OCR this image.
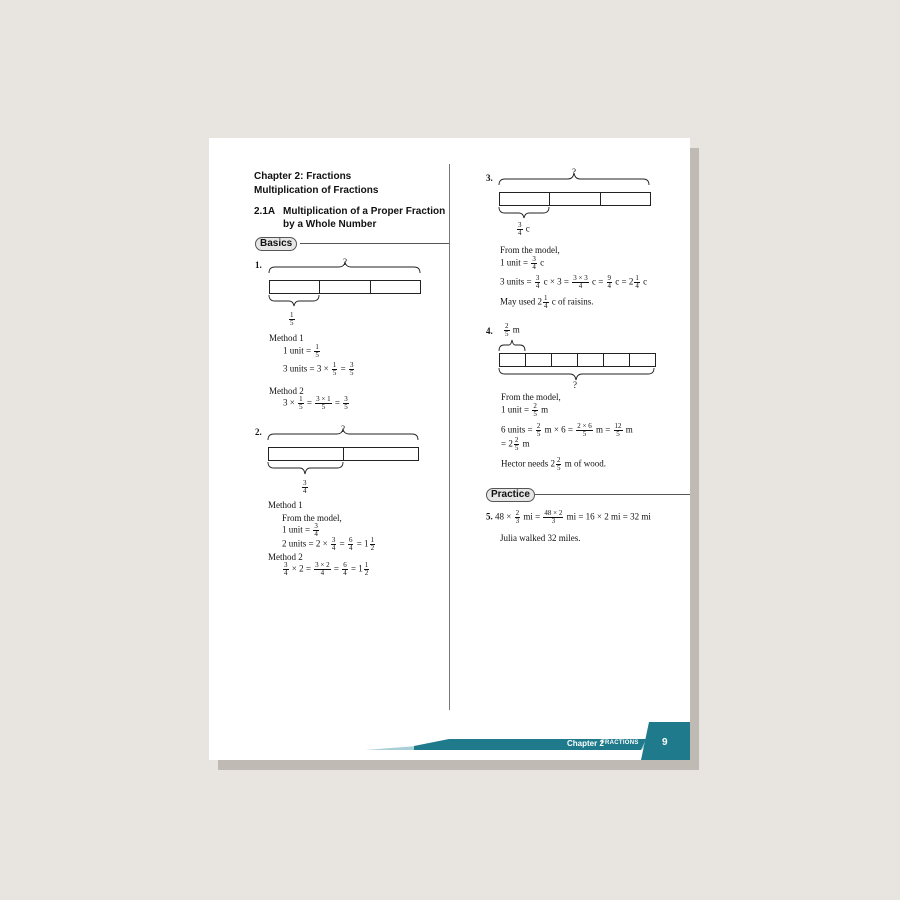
Chapter 2: Fractions
Multiplication of Fractions
2.1A Multiplication of a Proper Fraction
by a Whole Number
Basics
1.	?
$\frac{1}{5}$
Method 1
1 unit = $\frac{1}{5}$
3 units = $3 \times \frac{1}{5} = \frac{3}{5}$
Method 2
$3 \times \frac{1}{5} = \frac{3 \times 1}{5} = \frac{3}{5}$
2.	?
$\frac{3}{4}$
Method 1
From the model,
1 unit = $\frac{3}{4}$
2 units = $2 \times \frac{3}{4} = \frac{6}{4} = 1 \frac{1}{2}$
Method 2
$\frac{3}{4} \times 2 = \frac{3 \times 2}{4} = \frac{6}{4} = 1 \frac{1}{2}$
3.
?
$\frac{3}{4}$ c
From the model,
1 unit = $\frac{3}{4}$ c
3 units = $\frac{3}{4}$ $c \times 3 = \frac{3 \times 3}{4}$ $c = \frac{9}{4}$ $c = 2 \frac{1}{4}$ c
May used $2 \frac{1}{4}$ c of raisins.
4. $\frac{2}{5}$ m
?
From the model,
1 unit = $\frac{2}{5}$ m
6 units = $\frac{2}{5}$ $m \times 6 = \frac{2 \times 6}{5}$ $m = \frac{12}{5}$ m
= $2 \frac{2}{5}$ m
Hector needs $2 \frac{2}{5}$ m of wood.
Practice
5. $48 \times \frac{2}{3}$ mi = $\frac{48 \times 2}{3}$ mi = 16 × 2 mi = 32 mi
Julia walked 32 miles.
Chapter 2
FRACTIONS 9
